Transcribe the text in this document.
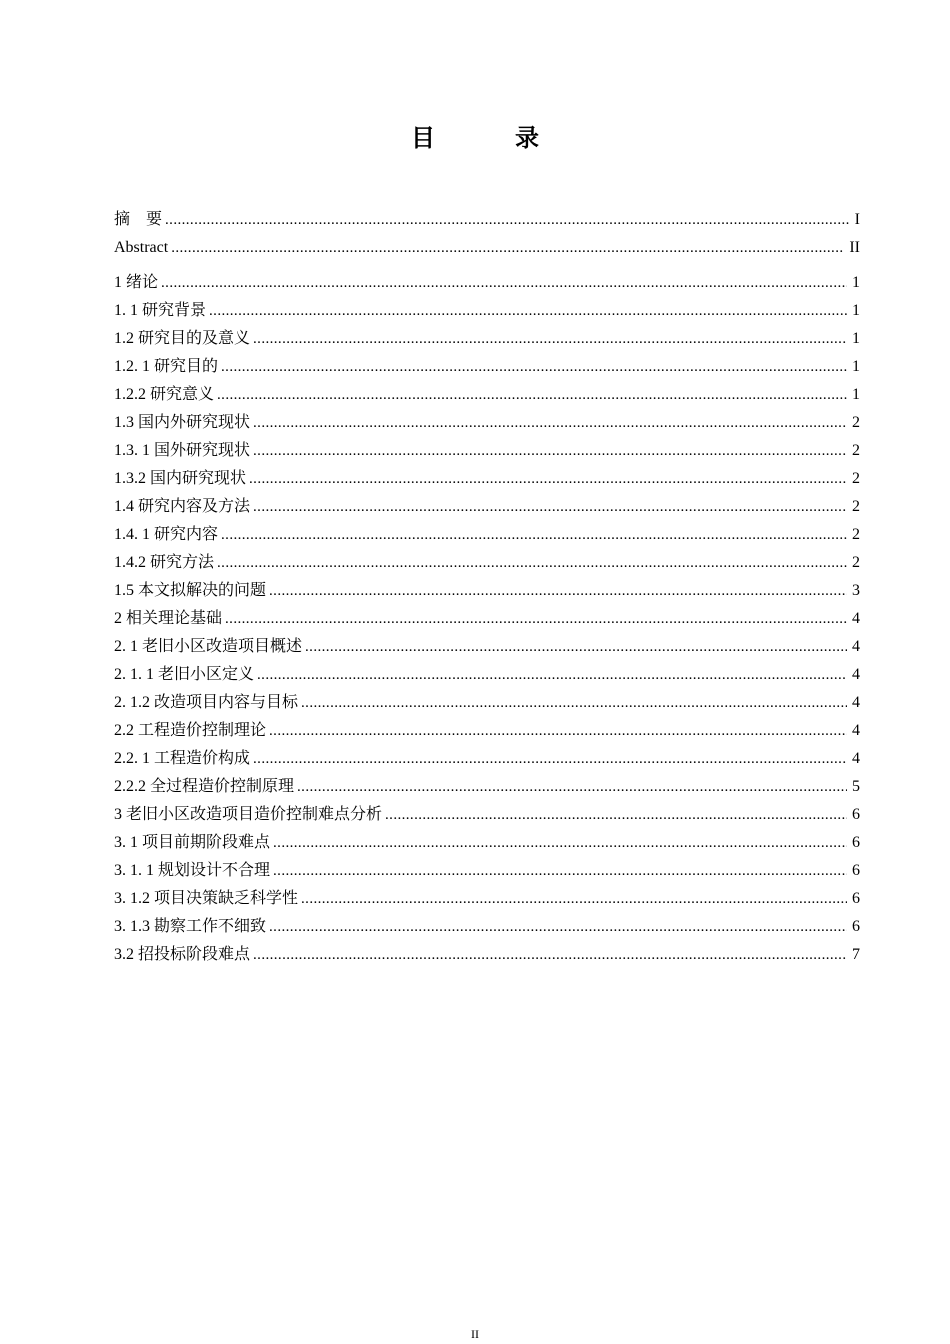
目　录
摘　要 .....	I
Abstract .....	II
1 绪论 .....	1
1. 1 研究背景 .....	1
1.2 研究目的及意义 .....	1
1.2. 1 研究目的 .....	1
1.2.2 研究意义 .....	1
1.3 国内外研究现状 .....	2
1.3. 1 国外研究现状 .....	2
1.3.2 国内研究现状 .....	2
1.4 研究内容及方法 .....	2
1.4. 1 研究内容 .....	2
1.4.2 研究方法 .....	2
1.5 本文拟解决的问题 .....	3
2 相关理论基础 .....	4
2. 1 老旧小区改造项目概述 .....	4
2. 1. 1 老旧小区定义 .....	4
2. 1.2 改造项目内容与目标 .....	4
2.2 工程造价控制理论 .....	4
2.2. 1 工程造价构成 .....	4
2.2.2 全过程造价控制原理 .....	5
3 老旧小区改造项目造价控制难点分析 .....	6
3. 1 项目前期阶段难点 .....	6
3. 1. 1 规划设计不合理 .....	6
3. 1.2 项目决策缺乏科学性 .....	6
3. 1.3 勘察工作不细致 .....	6
3.2 招投标阶段难点 .....	7
II
